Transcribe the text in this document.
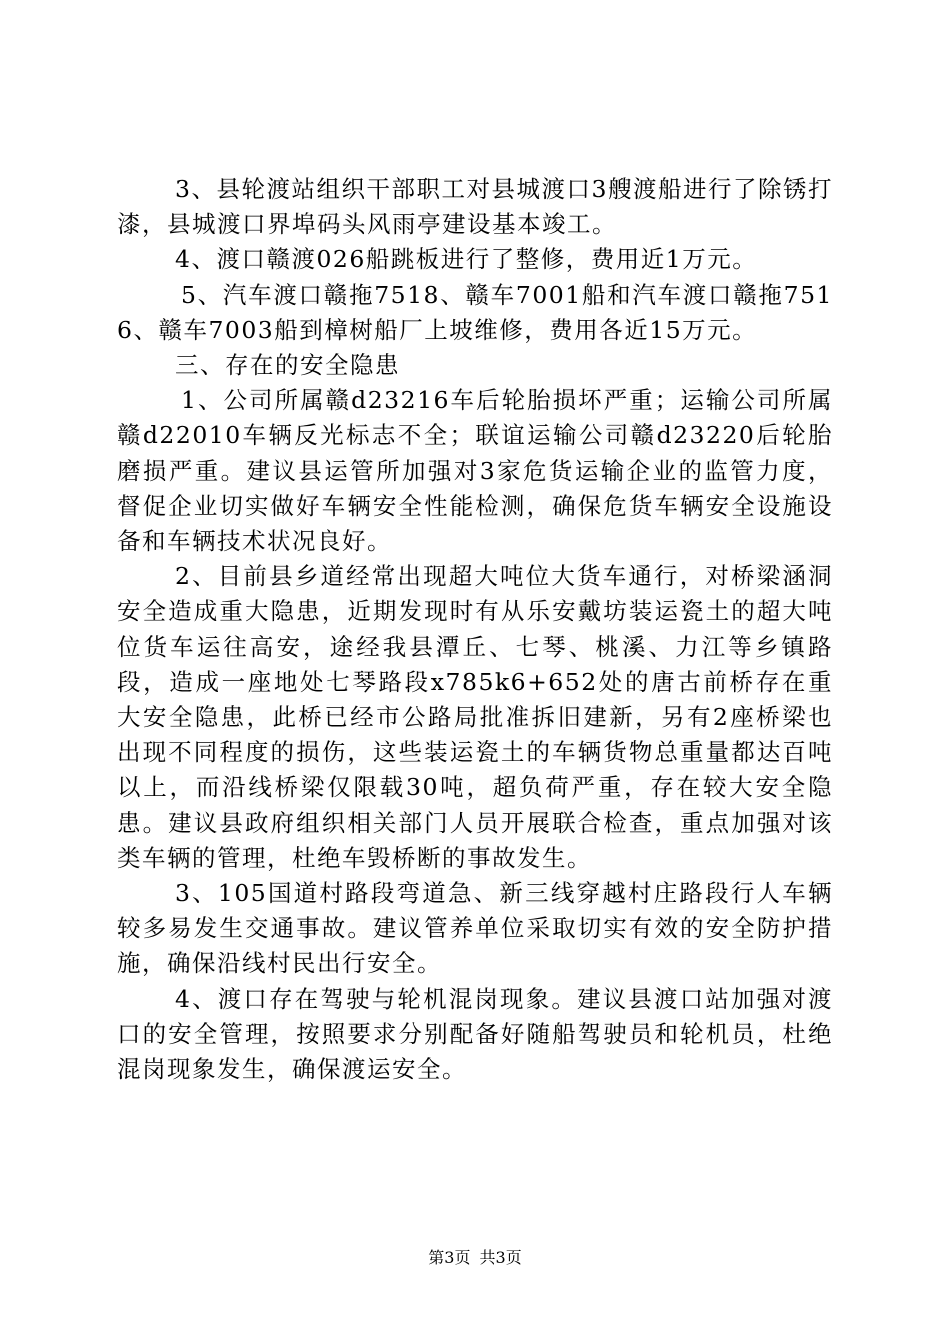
3、县轮渡站组织干部职工对县城渡口3艘渡船进行了除锈打漆，县城渡口界埠码头风雨亭建设基本竣工。

4、渡口赣渡026船跳板进行了整修，费用近1万元。

5、汽车渡口赣拖7518、赣车7001船和汽车渡口赣拖7516、赣车7003船到樟树船厂上坡维修，费用各近15万元。

三、存在的安全隐患

1、公司所属赣d23216车后轮胎损坏严重；运输公司所属赣d22010车辆反光标志不全；联谊运输公司赣d23220后轮胎磨损严重。建议县运管所加强对3家危货运输企业的监管力度，督促企业切实做好车辆安全性能检测，确保危货车辆安全设施设备和车辆技术状况良好。

2、目前县乡道经常出现超大吨位大货车通行，对桥梁涵洞安全造成重大隐患，近期发现时有从乐安戴坊装运瓷土的超大吨位货车运往高安，途经我县潭丘、七琴、桃溪、力江等乡镇路段，造成一座地处七琴路段x785k6+652处的唐古前桥存在重大安全隐患，此桥已经市公路局批准拆旧建新，另有2座桥梁也出现不同程度的损伤，这些装运瓷土的车辆货物总重量都达百吨以上，而沿线桥梁仅限载30吨，超负荷严重，存在较大安全隐患。建议县政府组织相关部门人员开展联合检查，重点加强对该类车辆的管理，杜绝车毁桥断的事故发生。

3、105国道村路段弯道急、新三线穿越村庄路段行人车辆较多易发生交通事故。建议管养单位采取切实有效的安全防护措施，确保沿线村民出行安全。

4、渡口存在驾驶与轮机混岗现象。建议县渡口站加强对渡口的安全管理，按照要求分别配备好随船驾驶员和轮机员，杜绝混岗现象发生，确保渡运安全。

第3页 共3页
